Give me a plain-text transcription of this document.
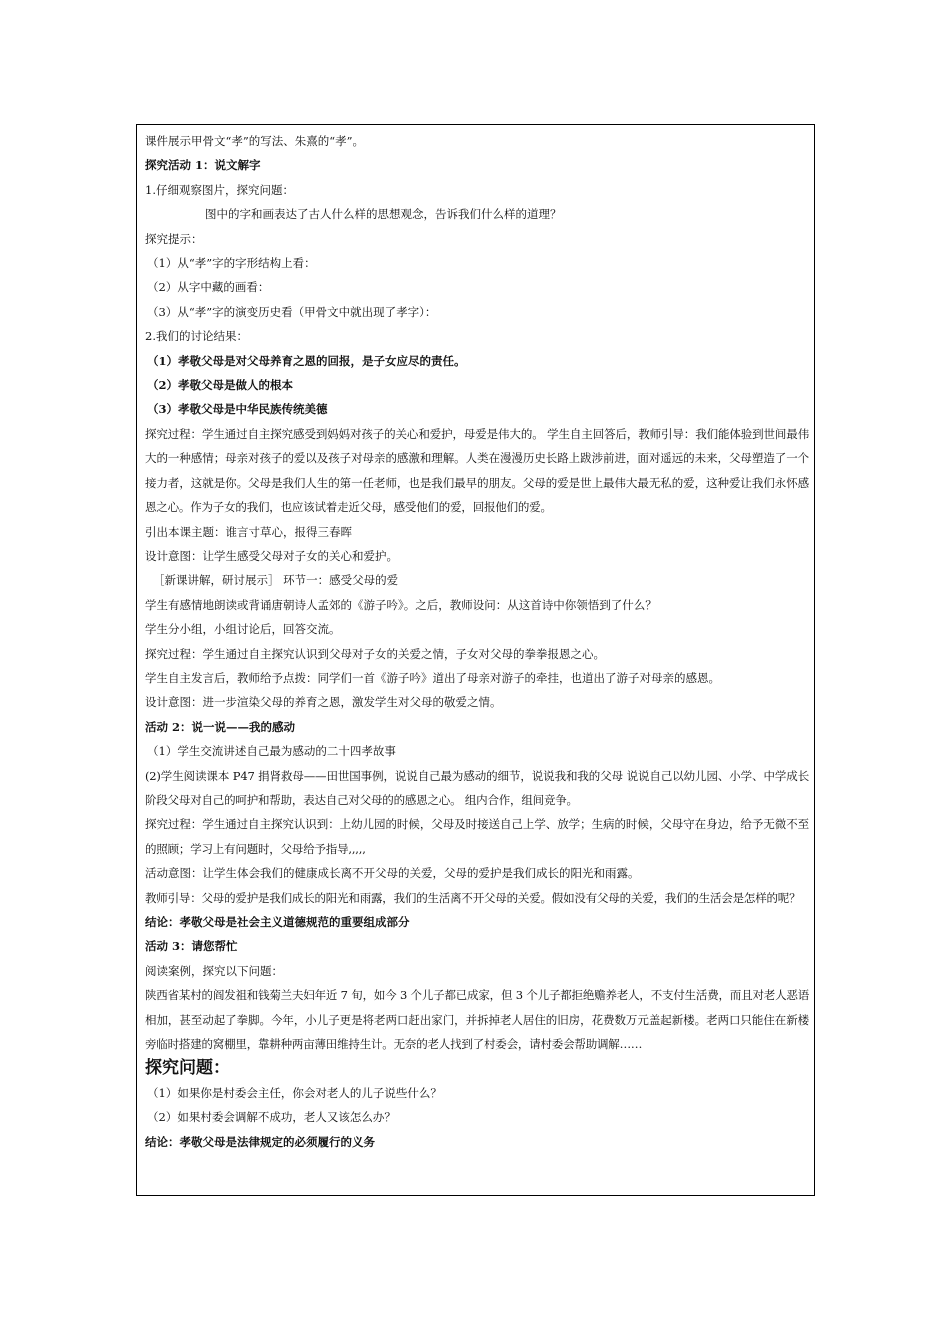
课件展示甲骨文“孝”的写法、朱熹的“孝”。
探究活动 1：说文解字
1.仔细观察图片，探究问题：
图中的字和画表达了古人什么样的思想观念，告诉我们什么样的道理？
探究提示：
（1）从“孝”字的字形结构上看：
（2）从字中藏的画看：
（3）从“孝”字的演变历史看（甲骨文中就出现了孝字）：
2.我们的讨论结果：
（1）孝敬父母是对父母养育之恩的回报，是子女应尽的责任。
（2）孝敬父母是做人的根本
（3）孝敬父母是中华民族传统美德
探究过程：学生通过自主探究感受到妈妈对孩子的关心和爱护，母爱是伟大的。 学生自主回答后，教师引导：我们能体验到世间最伟大的一种感情；母亲对孩子的爱以及孩子对母亲的感激和理解。人类在漫漫历史长路上跋涉前进，面对遥远的未来，父母塑造了一个接力者，这就是你。父母是我们人生的第一任老师，也是我们最早的朋友。父母的爱是世上最伟大最无私的爱，这种爱让我们永怀感恩之心。作为子女的我们，也应该试着走近父母，感受他们的爱，回报他们的爱。
引出本课主题：谁言寸草心，报得三春晖
设计意图：让学生感受父母对子女的关心和爱护。
［新课讲解，研讨展示］ 环节一：感受父母的爱
学生有感情地朗读或背诵唐朝诗人孟郊的《游子吟》。之后，教师设问：从这首诗中你领悟到了什么？
学生分小组，小组讨论后，回答交流。
探究过程：学生通过自主探究认识到父母对子女的关爱之情，子女对父母的拳拳报恩之心。
学生自主发言后，教师给予点拨：同学们一首《游子吟》道出了母亲对游子的牵挂，也道出了游子对母亲的感恩。
设计意图：进一步渲染父母的养育之恩，激发学生对父母的敬爱之情。
活动 2：说一说——我的感动
（1）学生交流讲述自己最为感动的二十四孝故事
(2)学生阅读课本 P47 捐肾救母——田世国事例，说说自己最为感动的细节，说说我和我的父母 说说自己以幼儿园、小学、中学成长阶段父母对自己的呵护和帮助，表达自己对父母的的感恩之心。 组内合作，组间竞争。
探究过程：学生通过自主探究认识到：上幼儿园的时候，父母及时接送自己上学、放学；生病的时候，父母守在身边，给予无微不至的照顾；学习上有问题时，父母给予指导,,,,,
活动意图：让学生体会我们的健康成长离不开父母的关爱，父母的爱护是我们成长的阳光和雨露。
教师引导：父母的爱护是我们成长的阳光和雨露，我们的生活离不开父母的关爱。假如没有父母的关爱，我们的生活会是怎样的呢？
结论：孝敬父母是社会主义道德规范的重要组成部分
活动 3：请您帮忙
阅读案例，探究以下问题：
陕西省某村的阎发祖和钱菊兰夫妇年近 7 旬，如今 3 个儿子都已成家，但 3 个儿子都拒绝赡养老人，不支付生活费，而且对老人恶语相加，甚至动起了拳脚。今年，小儿子更是将老两口赶出家门，并拆掉老人居住的旧房，花费数万元盖起新楼。老两口只能住在新楼旁临时搭建的窝棚里，靠耕种两亩薄田维持生计。无奈的老人找到了村委会，请村委会帮助调解……
探究问题：
（1）如果你是村委会主任，你会对老人的儿子说些什么？
（2）如果村委会调解不成功，老人又该怎么办？
结论：孝敬父母是法律规定的必须履行的义务
